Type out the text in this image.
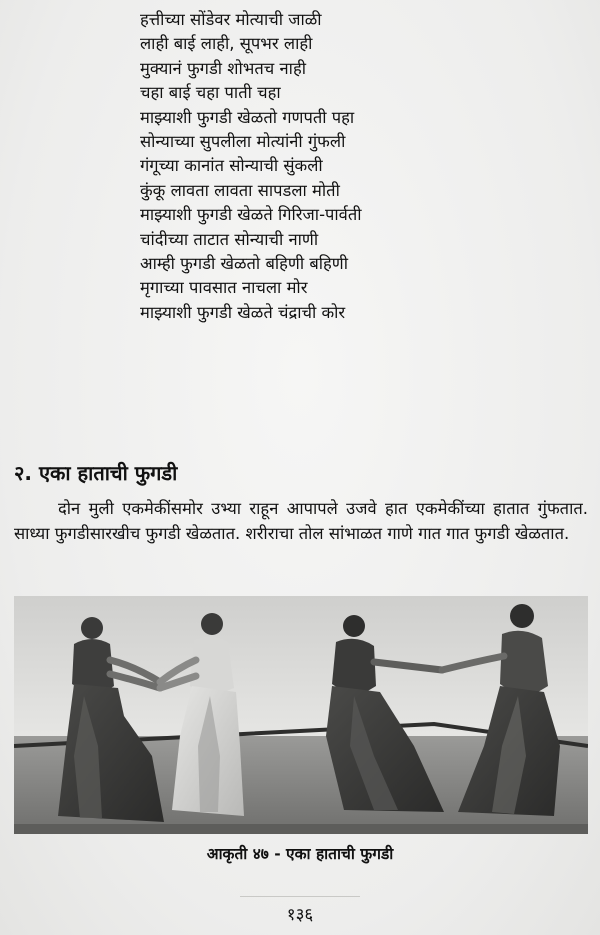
हत्तीच्या सोंडेवर मोत्याची जाळी
लाही बाई लाही, सूपभर लाही
मुक्यानं फुगडी शोभतच नाही
चहा बाई चहा पाती चहा
माझ्याशी फुगडी खेळतो गणपती पहा
सोन्याच्या सुपलीला मोत्यांनी गुंफली
गंगूच्या कानांत सोन्याची सुंकली
कुंकू लावता लावता सापडला मोती
माझ्याशी फुगडी खेळते गिरिजा-पार्वती
चांदीच्या ताटात सोन्याची नाणी
आम्ही फुगडी खेळतो बहिणी बहिणी
मृगाच्या पावसात नाचला मोर
माझ्याशी फुगडी खेळते चंद्राची कोर
२. एका हाताची फुगडी

दोन मुली एकमेकींसमोर उभ्या राहून आपापले उजवे हात एकमेकींच्या हातात गुंफतात. साध्या फुगडीसारखीच फुगडी खेळतात. शरीराचा तोल सांभाळत गाणे गात गात फुगडी खेळतात.

आकृती ४७ - एका हाताची फुगडी
१३६
